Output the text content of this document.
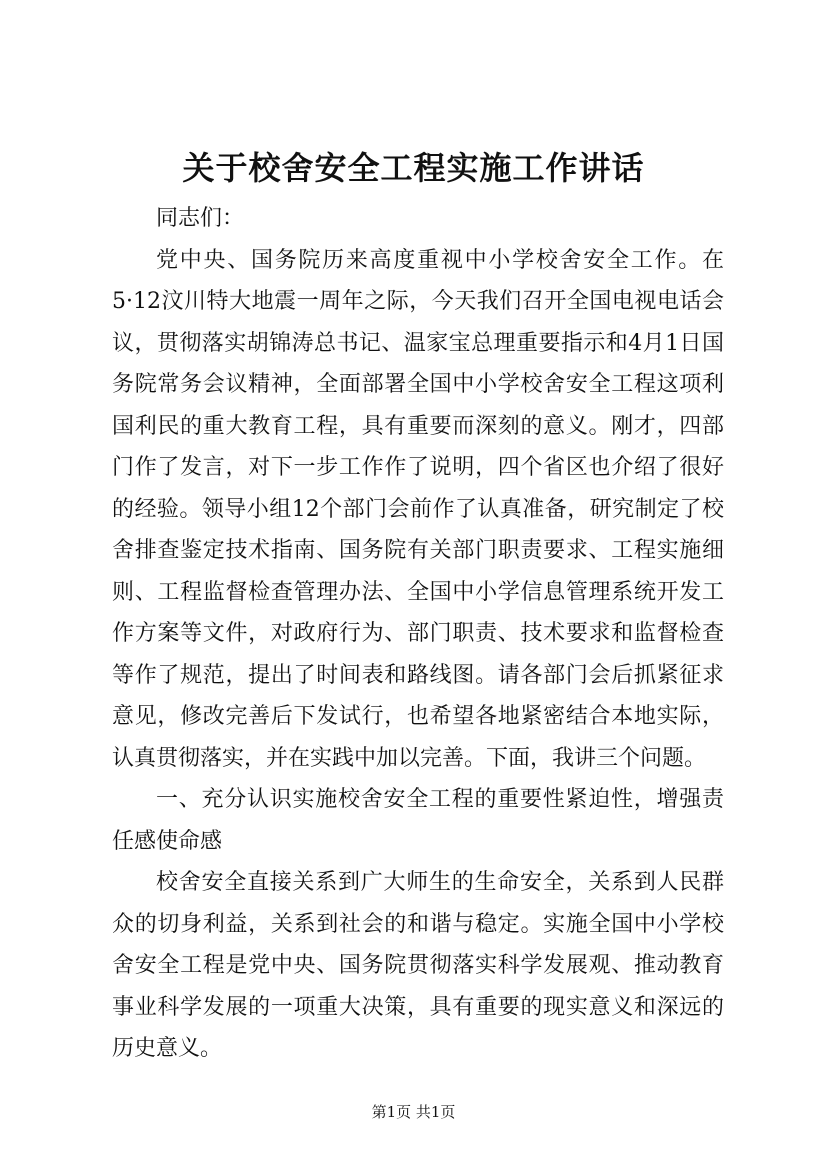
关于校舍安全工程实施工作讲话

同志们：

党中央、国务院历来高度重视中小学校舍安全工作。在5·12汶川特大地震一周年之际，今天我们召开全国电视电话会议，贯彻落实胡锦涛总书记、温家宝总理重要指示和4月1日国务院常务会议精神，全面部署全国中小学校舍安全工程这项利国利民的重大教育工程，具有重要而深刻的意义。刚才，四部门作了发言，对下一步工作作了说明，四个省区也介绍了很好的经验。领导小组12个部门会前作了认真准备，研究制定了校舍排查鉴定技术指南、国务院有关部门职责要求、工程实施细则、工程监督检查管理办法、全国中小学信息管理系统开发工作方案等文件，对政府行为、部门职责、技术要求和监督检查等作了规范，提出了时间表和路线图。请各部门会后抓紧征求意见，修改完善后下发试行，也希望各地紧密结合本地实际，认真贯彻落实，并在实践中加以完善。下面，我讲三个问题。

一、充分认识实施校舍安全工程的重要性紧迫性，增强责任感使命感

校舍安全直接关系到广大师生的生命安全，关系到人民群众的切身利益，关系到社会的和谐与稳定。实施全国中小学校舍安全工程是党中央、国务院贯彻落实科学发展观、推动教育事业科学发展的一项重大决策，具有重要的现实意义和深远的历史意义。

第1页 共1页
